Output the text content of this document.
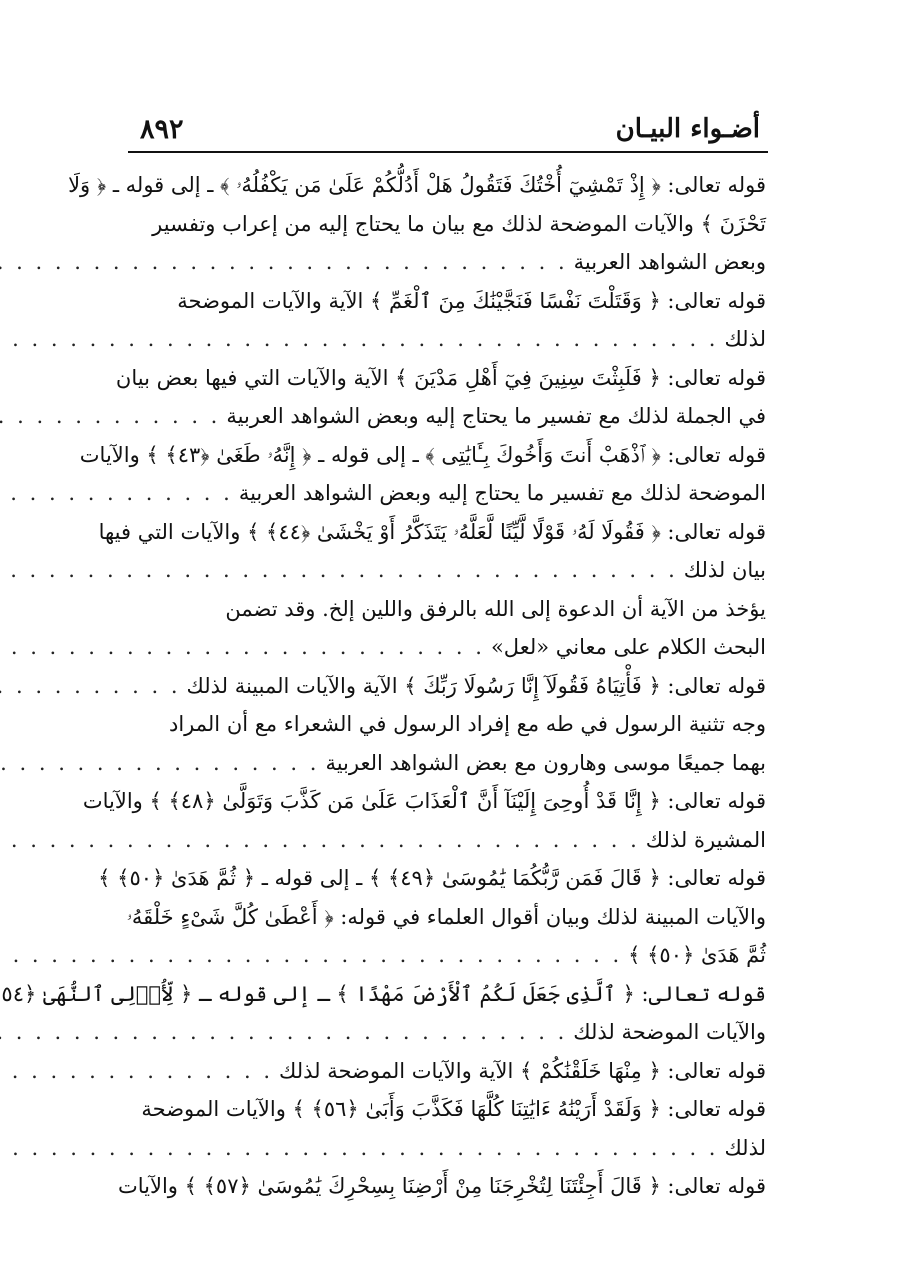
٨٩٢	أضـواء البيـان
قوله تعالى: ﴿ إِذْ تَمْشِيٓ أُخْتُكَ فَتَقُولُ هَلْ أَدُلُّكُمْ عَلَىٰ مَن يَكْفُلُهُۥ ﴾ ـ إلى قوله ـ ﴿ وَلَا
تَحْزَنَ ﴾ والآيات الموضحة لذلك مع بيان ما يحتاج إليه من إعراب وتفسير
وبعض الشواهد العربية
. . .
قوله تعالى: ﴿ وَقَتَلْتَ نَفْسًا فَنَجَّيْنَٰكَ مِنَ ٱلْغَمِّ ﴾ الآية والآيات الموضحة
لذلك
. . .
قوله تعالى: ﴿ فَلَبِثْتَ سِنِينَ فِيٓ أَهْلِ مَدْيَنَ ﴾ الآية والآيات التي فيها بعض بيان
في الجملة لذلك مع تفسير ما يحتاج إليه وبعض الشواهد العربية
. . .
قوله تعالى: ﴿ ٱذْهَبْ أَنتَ وَأَخُوكَ بِـَٔايَٰتِى ﴾ ـ إلى قوله ـ ﴿ إِنَّهُۥ طَغَىٰ ﴿٤٣﴾ ﴾ والآيات
الموضحة لذلك مع تفسير ما يحتاج إليه وبعض الشواهد العربية
. . .
قوله تعالى: ﴿ فَقُولَا لَهُۥ قَوْلًا لَّيِّنًا لَّعَلَّهُۥ يَتَذَكَّرُ أَوْ يَخْشَىٰ ﴿٤٤﴾ ﴾ والآيات التي فيها
بيان لذلك
. . .
يؤخذ من الآية أن الدعوة إلى الله بالرفق واللين إلخ. وقد تضمن
البحث الكلام على معاني «لعل»
. . .
قوله تعالى: ﴿ فَأْتِيَاهُ فَقُولَآ إِنَّا رَسُولَا رَبِّكَ ﴾ الآية والآيات المبينة لذلك
. . .
وجه تثنية الرسول في طه مع إفراد الرسول في الشعراء مع أن المراد
بهما جميعًا موسى وهارون مع بعض الشواهد العربية
. . .
قوله تعالى: ﴿ إِنَّا قَدْ أُوحِىَ إِلَيْنَآ أَنَّ ٱلْعَذَابَ عَلَىٰ مَن كَذَّبَ وَتَوَلَّىٰ ﴿٤٨﴾ ﴾ والآيات
المشيرة لذلك
. . .
قوله تعالى: ﴿ قَالَ فَمَن رَّبُّكُمَا يَٰمُوسَىٰ ﴿٤٩﴾ ﴾ ـ إلى قوله ـ ﴿ ثُمَّ هَدَىٰ ﴿٥٠﴾ ﴾
والآيات المبينة لذلك وبيان أقوال العلماء في قوله: ﴿ أَعْطَىٰ كُلَّ شَىْءٍ خَلْقَهُۥ
ثُمَّ هَدَىٰ ﴿٥٠﴾ ﴾
. . .
قوله تعالى: ﴿ ٱلَّذِى جَعَلَ لَكُمُ ٱلْأَرْضَ مَهْدًا ﴾ ـ إلى قوله ـ ﴿ لِّأُو۟لِى ٱلنُّهَىٰ ﴿٥٤
والآيات الموضحة لذلك
. . .
قوله تعالى: ﴿ مِنْهَا خَلَقْنَٰكُمْ ﴾ الآية والآيات الموضحة لذلك
. . .
قوله تعالى: ﴿ وَلَقَدْ أَرَيْنَٰهُ ءَايَٰتِنَا كُلَّهَا فَكَذَّبَ وَأَبَىٰ ﴿٥٦﴾ ﴾ والآيات الموضحة
لذلك
. . .
قوله تعالى: ﴿ قَالَ أَجِئْتَنَا لِتُخْرِجَنَا مِنْ أَرْضِنَا بِسِحْرِكَ يَٰمُوسَىٰ ﴿٥٧﴾ ﴾ والآيات
